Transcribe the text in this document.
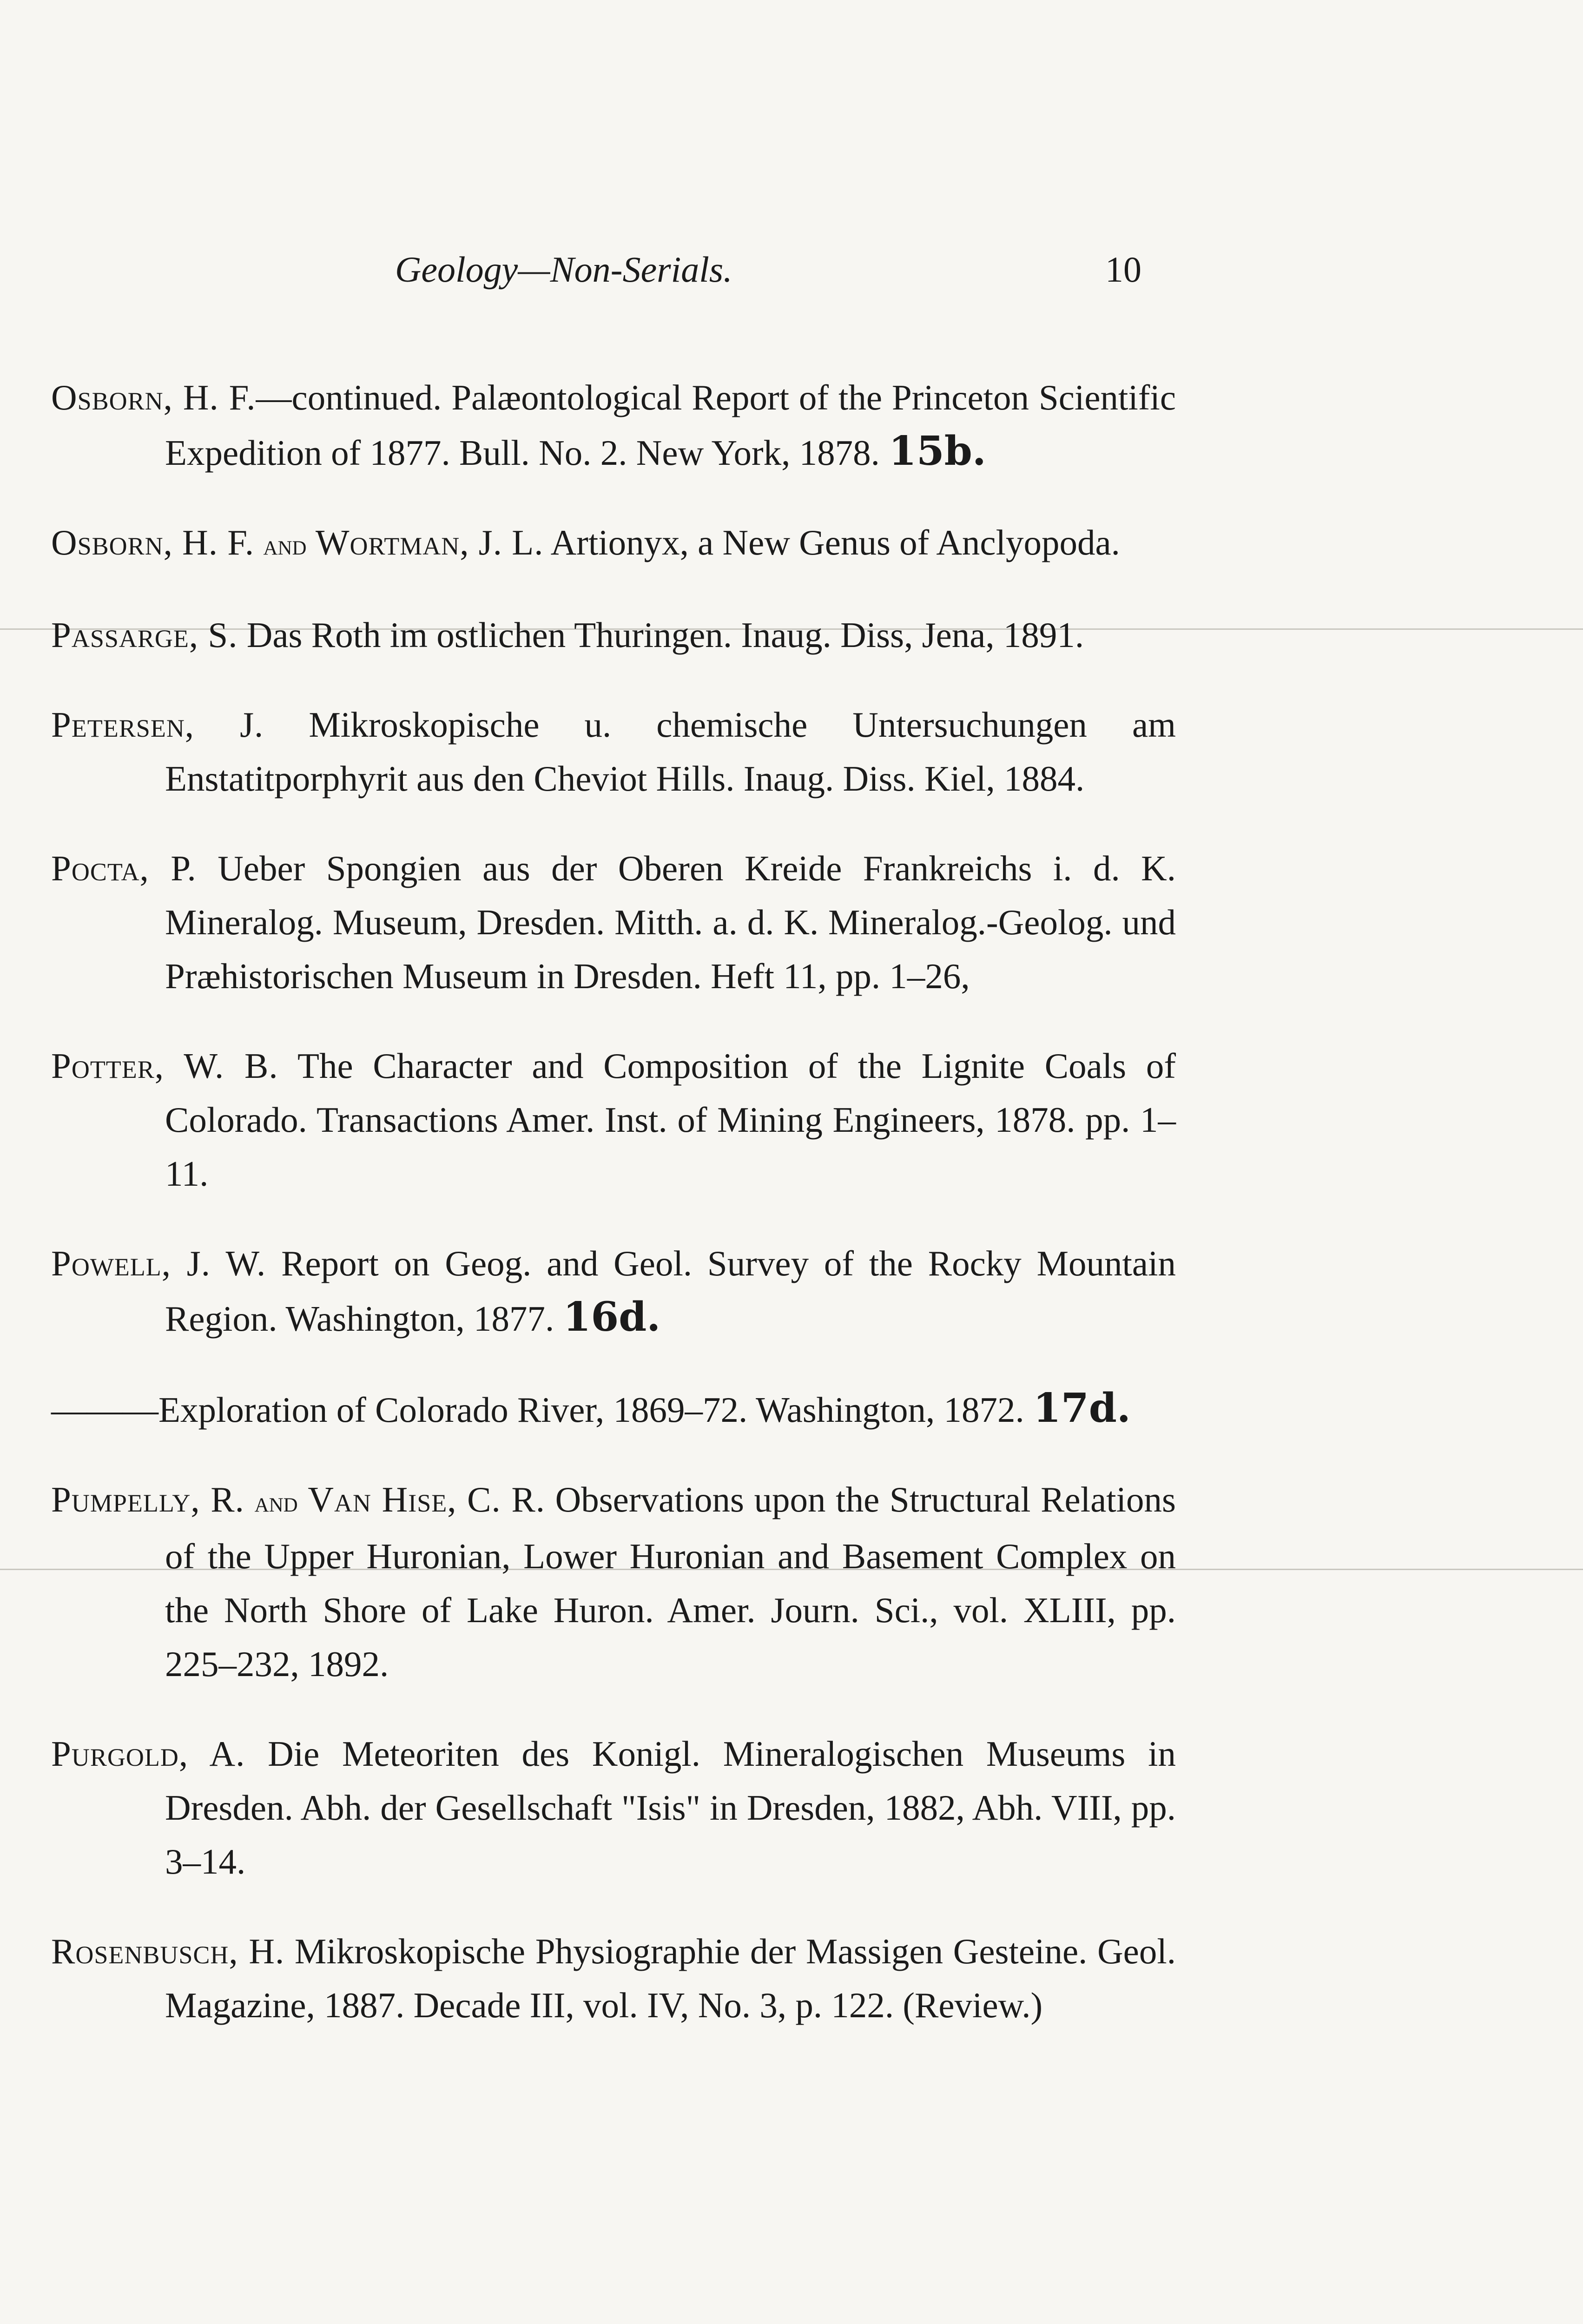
Geology—Non-Serials.	10

Osborn, H. F.—continued. Palæontological Report of the Princeton Scientific Expedition of 1877. Bull. No. 2. New York, 1878. 15b.

Osborn, H. F. and Wortman, J. L. Artionyx, a New Genus of Anclyopoda.

Passarge, S. Das Roth im ostlichen Thuringen. Inaug. Diss, Jena, 1891.

Petersen, J. Mikroskopische u. chemische Untersuchungen am Enstatitporphyrit aus den Cheviot Hills. Inaug. Diss. Kiel, 1884.

Pocta, P. Ueber Spongien aus der Oberen Kreide Frankreichs i. d. K. Mineralog. Museum, Dresden. Mitth. a. d. K. Mineralog.-Geolog. und Præhistorischen Museum in Dresden. Heft 11, pp. 1–26,

Potter, W. B. The Character and Composition of the Lignite Coals of Colorado. Transactions Amer. Inst. of Mining Engineers, 1878. pp. 1–11.

Powell, J. W. Report on Geog. and Geol. Survey of the Rocky Mountain Region. Washington, 1877. 16d.

———Exploration of Colorado River, 1869–72. Washington, 1872. 17d.

Pumpelly, R. and Van Hise, C. R. Observations upon the Structural Relations of the Upper Huronian, Lower Huronian and Basement Complex on the North Shore of Lake Huron. Amer. Journ. Sci., vol. XLIII, pp. 225–232, 1892.

Purgold, A. Die Meteoriten des Konigl. Mineralogischen Museums in Dresden. Abh. der Gesellschaft "Isis" in Dresden, 1882, Abh. VIII, pp. 3–14.

Rosenbusch, H. Mikroskopische Physiographie der Massigen Gesteine. Geol. Magazine, 1887. Decade III, vol. IV, No. 3, p. 122. (Review.)
